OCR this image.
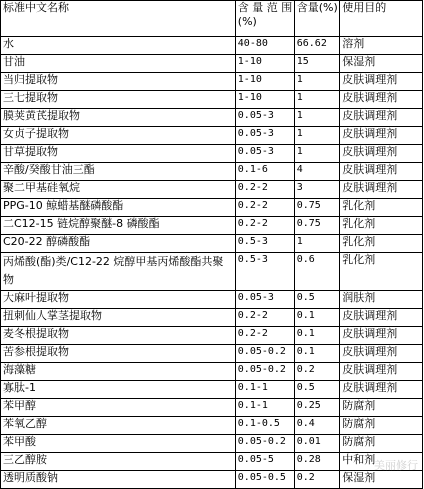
标准中文名称	含 量 范 围
(%)	含量(%)	使用目的
水	40-80	66.62	溶剂
甘油	1-10	15	保湿剂
当归提取物	1-10	1	皮肤调理剂
三七提取物	1-10	1	皮肤调理剂
膜荚黄芪提取物	0.05-3	1	皮肤调理剂
女贞子提取物	0.05-3	1	皮肤调理剂
甘草提取物	0.05-3	1	皮肤调理剂
辛酸/癸酸甘油三酯	0.1-6	4	皮肤调理剂
聚二甲基硅氧烷	0.2-2	3	皮肤调理剂
PPG-10 鲸蜡基醚磷酸酯	0.2-2	0.75	乳化剂
二C12-15 链烷醇聚醚-8 磷酸酯	0.2-2	0.75	乳化剂
C20-22 醇磷酸酯	0.5-3	1	乳化剂
丙烯酸(酯)类/C12-22 烷醇甲基丙烯酸酯共聚物	0.5-3	0.6	乳化剂
大麻叶提取物	0.05-3	0.5	润肤剂
扭刺仙人掌茎提取物	0.2-2	0.1	皮肤调理剂
麦冬根提取物	0.2-2	0.1	皮肤调理剂
苦参根提取物	0.05-0.2	0.1	皮肤调理剂
海藻糖	0.05-0.2	0.2	皮肤调理剂
寡肽-1	0.1-1	0.5	皮肤调理剂
苯甲醇	0.1-1	0.25	防腐剂
苯氧乙醇	0.1-0.5	0.4	防腐剂
苯甲酸	0.05-0.2	0.01	防腐剂
三乙醇胺	0.05-5	0.28	中和剂
透明质酸钠	0.05-0.5	0.2	保湿剂
美丽修行
